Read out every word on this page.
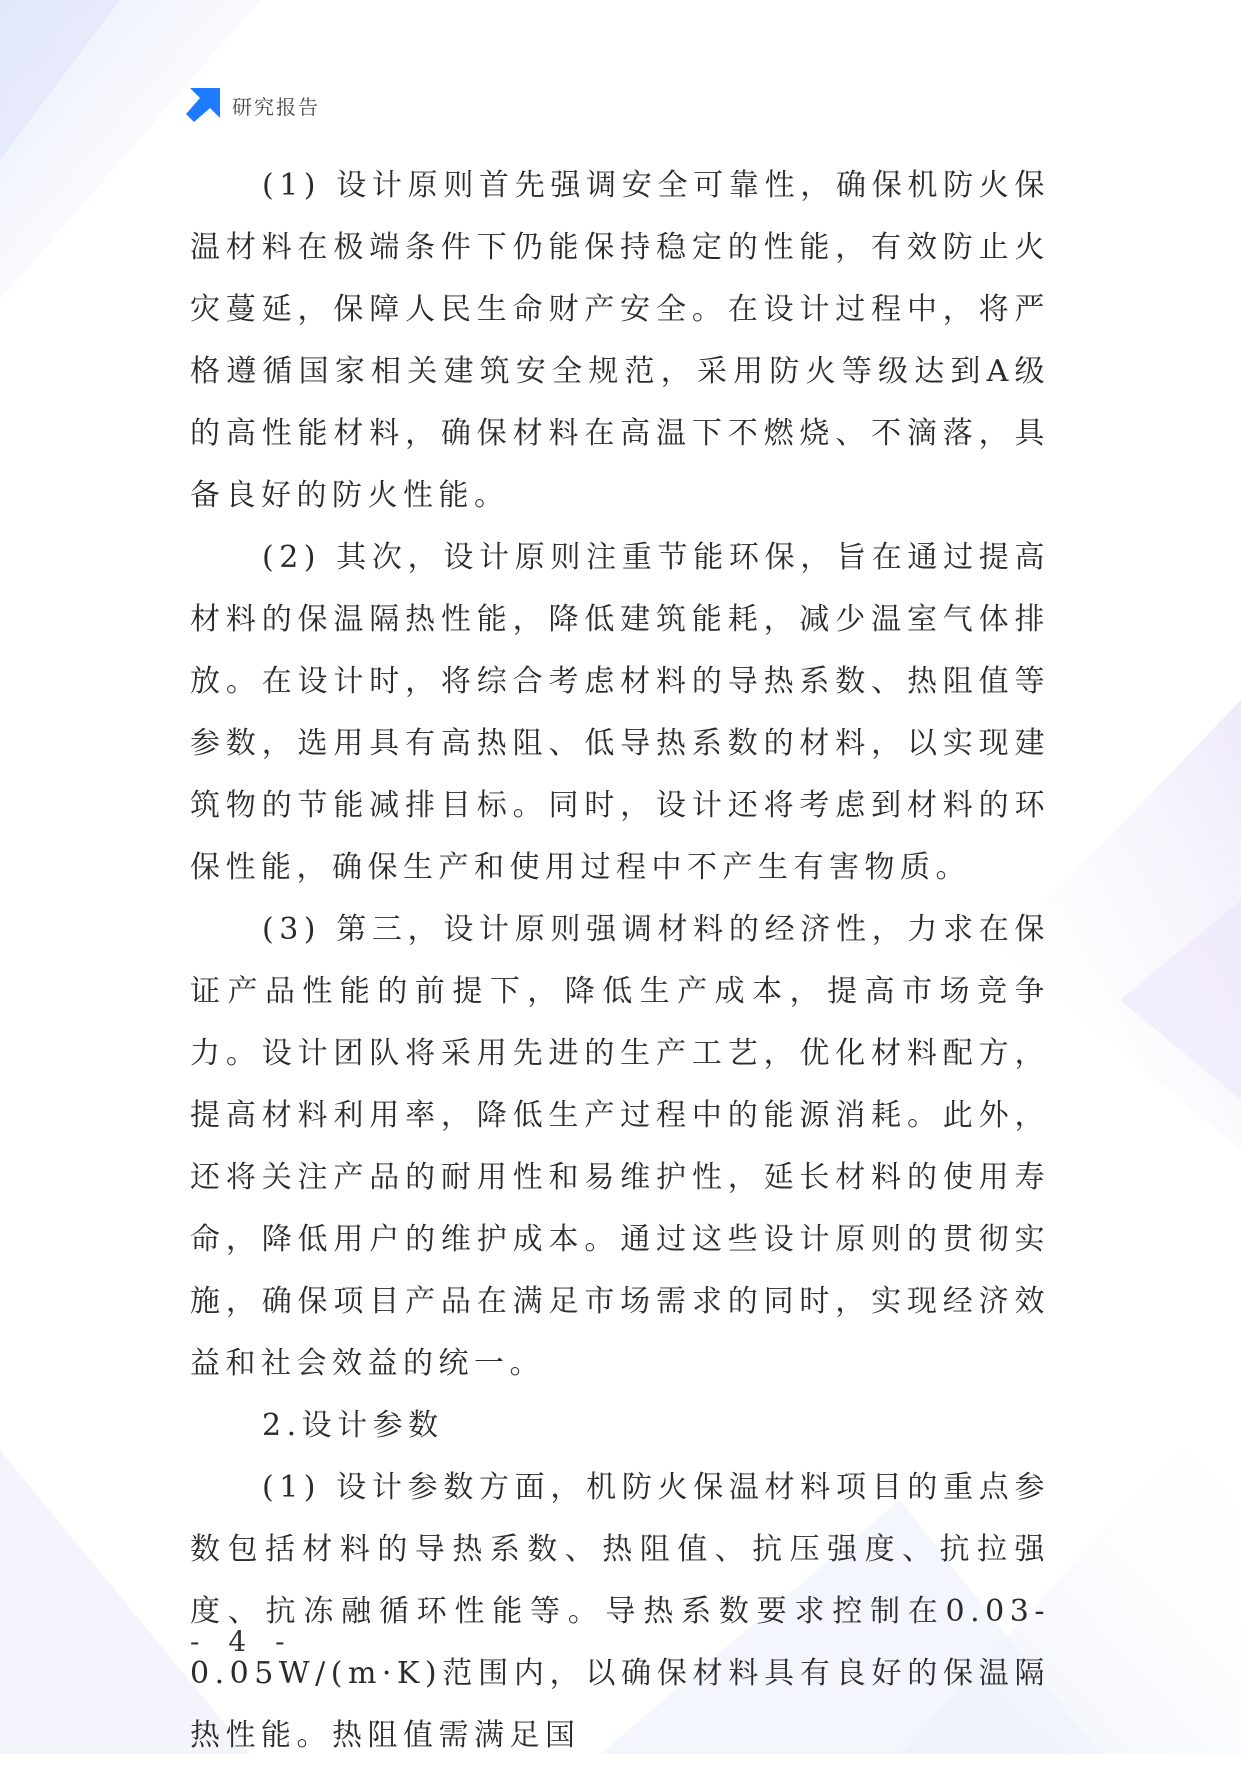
研究报告

(1) 设计原则首先强调安全可靠性，确保机防火保温材料在极端条件下仍能保持稳定的性能，有效防止火灾蔓延，保障人民生命财产安全。在设计过程中，将严格遵循国家相关建筑安全规范，采用防火等级达到A级的高性能材料，确保材料在高温下不燃烧、不滴落，具备良好的防火性能。

(2) 其次，设计原则注重节能环保，旨在通过提高材料的保温隔热性能，降低建筑能耗，减少温室气体排放。在设计时，将综合考虑材料的导热系数、热阻值等参数，选用具有高热阻、低导热系数的材料，以实现建筑物的节能减排目标。同时，设计还将考虑到材料的环保性能，确保生产和使用过程中不产生有害物质。

(3) 第三，设计原则强调材料的经济性，力求在保证产品性能的前提下，降低生产成本，提高市场竞争力。设计团队将采用先进的生产工艺，优化材料配方，提高材料利用率，降低生产过程中的能源消耗。此外，还将关注产品的耐用性和易维护性，延长材料的使用寿命，降低用户的维护成本。通过这些设计原则的贯彻实施，确保项目产品在满足市场需求的同时，实现经济效益和社会效益的统一。

2.设计参数

(1) 设计参数方面，机防火保温材料项目的重点参数包括材料的导热系数、热阻值、抗压强度、抗拉强度、抗冻融循环性能等。导热系数要求控制在0.03-0.05W/(m·K)范围内，以确保材料具有良好的保温隔热性能。热阻值需满足国

- 4 -
